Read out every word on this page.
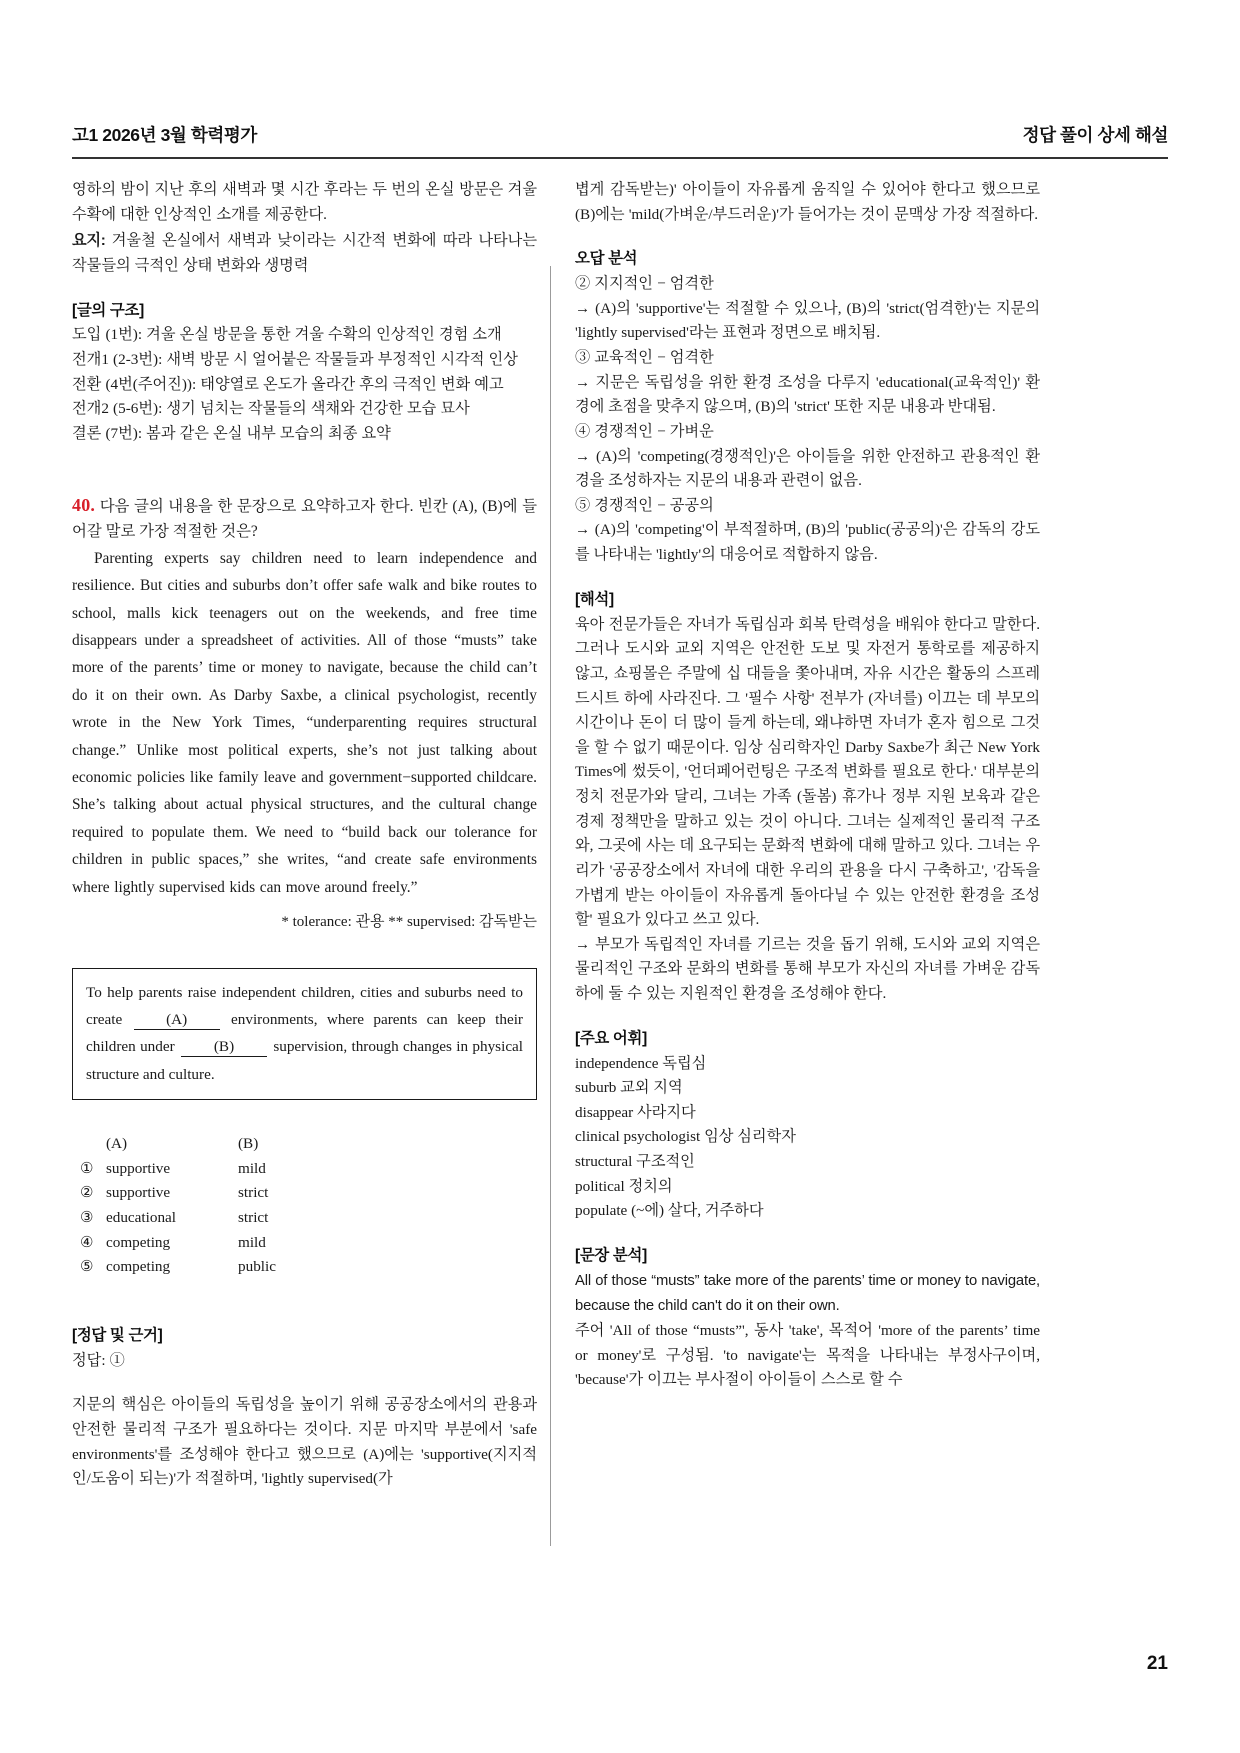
고1 2026년 3월 학력평가	정답 풀이 상세 해설

영하의 밤이 지난 후의 새벽과 몇 시간 후라는 두 번의 온실 방문은 겨울 수확에 대한 인상적인 소개를 제공한다.

요지: 겨울철 온실에서 새벽과 낮이라는 시간적 변화에 따라 나타나는 작물들의 극적인 상태 변화와 생명력

[글의 구조]

도입 (1번): 겨울 온실 방문을 통한 겨울 수확의 인상적인 경험 소개

전개1 (2-3번): 새벽 방문 시 얼어붙은 작물들과 부정적인 시각적 인상

전환 (4번(주어진)): 태양열로 온도가 올라간 후의 극적인 변화 예고

전개2 (5-6번): 생기 넘치는 작물들의 색채와 건강한 모습 묘사

결론 (7번): 봄과 같은 온실 내부 모습의 최종 요약

40. 다음 글의 내용을 한 문장으로 요약하고자 한다. 빈칸 (A), (B)에 들어갈 말로 가장 적절한 것은?

Parenting experts say children need to learn independence and resilience. But cities and suburbs don’t offer safe walk and bike routes to school, malls kick teenagers out on the weekends, and free time disappears under a spreadsheet of activities. All of those “musts” take more of the parents’ time or money to navigate, because the child can’t do it on their own. As Darby Saxbe, a clinical psychologist, recently wrote in the New York Times, “underparenting requires structural change.” Unlike most political experts, she’s not just talking about economic policies like family leave and government−supported childcare. She’s talking about actual physical structures, and the cultural change required to populate them. We need to “build back our tolerance for children in public spaces,” she writes, “and create safe environments where lightly supervised kids can move around freely.”

* tolerance: 관용 ** supervised: 감독받는

To help parents raise independent children, cities and suburbs need to create	(A)	environments, where parents can keep their children under	(B)	supervision, through changes in physical structure and culture.
(A)	(B)
① supportive	mild
② supportive	strict
③ educational	strict
④ competing	mild
⑤ competing	public

[정답 및 근거]

정답: ①

지문의 핵심은 아이들의 독립성을 높이기 위해 공공장소에서의 관용과 안전한 물리적 구조가 필요하다는 것이다. 지문 마지막 부분에서 'safe environments'를 조성해야 한다고 했으므로 (A)에는 'supportive(지지적인/도움이 되는)'가 적절하며, 'lightly supervised(가

볍게 감독받는)' 아이들이 자유롭게 움직일 수 있어야 한다고 했으므로 (B)에는 'mild(가벼운/부드러운)'가 들어가는 것이 문맥상 가장 적절하다.

오답 분석

② 지지적인 − 엄격한

→ (A)의 'supportive'는 적절할 수 있으나, (B)의 'strict(엄격한)'는 지문의 'lightly supervised'라는 표현과 정면으로 배치됨.

③ 교육적인 − 엄격한

→ 지문은 독립성을 위한 환경 조성을 다루지 'educational(교육적인)' 환경에 초점을 맞추지 않으며, (B)의 'strict' 또한 지문 내용과 반대됨.

④ 경쟁적인 − 가벼운

→ (A)의 'competing(경쟁적인)'은 아이들을 위한 안전하고 관용적인 환경을 조성하자는 지문의 내용과 관련이 없음.

⑤ 경쟁적인 − 공공의

→ (A)의 'competing'이 부적절하며, (B)의 'public(공공의)'은 감독의 강도를 나타내는 'lightly'의 대응어로 적합하지 않음.

[해석]

육아 전문가들은 자녀가 독립심과 회복 탄력성을 배워야 한다고 말한다. 그러나 도시와 교외 지역은 안전한 도보 및 자전거 통학로를 제공하지 않고, 쇼핑몰은 주말에 십 대들을 쫓아내며, 자유 시간은 활동의 스프레드시트 하에 사라진다. 그 '필수 사항' 전부가 (자녀를) 이끄는 데 부모의 시간이나 돈이 더 많이 들게 하는데, 왜냐하면 자녀가 혼자 힘으로 그것을 할 수 없기 때문이다. 임상 심리학자인 Darby Saxbe가 최근 New York Times에 썼듯이, '언더페어런팅은 구조적 변화를 필요로 한다.' 대부분의 정치 전문가와 달리, 그녀는 가족 (돌봄) 휴가나 정부 지원 보육과 같은 경제 정책만을 말하고 있는 것이 아니다. 그녀는 실제적인 물리적 구조와, 그곳에 사는 데 요구되는 문화적 변화에 대해 말하고 있다. 그녀는 우리가 '공공장소에서 자녀에 대한 우리의 관용을 다시 구축하고', '감독을 가볍게 받는 아이들이 자유롭게 돌아다닐 수 있는 안전한 환경을 조성할' 필요가 있다고 쓰고 있다.

→ 부모가 독립적인 자녀를 기르는 것을 돕기 위해, 도시와 교외 지역은 물리적인 구조와 문화의 변화를 통해 부모가 자신의 자녀를 가벼운 감독하에 둘 수 있는 지원적인 환경을 조성해야 한다.

[주요 어휘]

independence 독립심

suburb 교외 지역

disappear 사라지다

clinical psychologist 임상 심리학자

structural 구조적인

political 정치의

populate (~에) 살다, 거주하다

[문장 분석]

All of those “musts” take more of the parents’ time or money to navigate, because the child can't do it on their own.

주어 'All of those “musts”', 동사 'take', 목적어 'more of the parents’ time or money'로 구성됨. 'to navigate'는 목적을 나타내는 부정사구이며, 'because'가 이끄는 부사절이 아이들이 스스로 할 수

21
